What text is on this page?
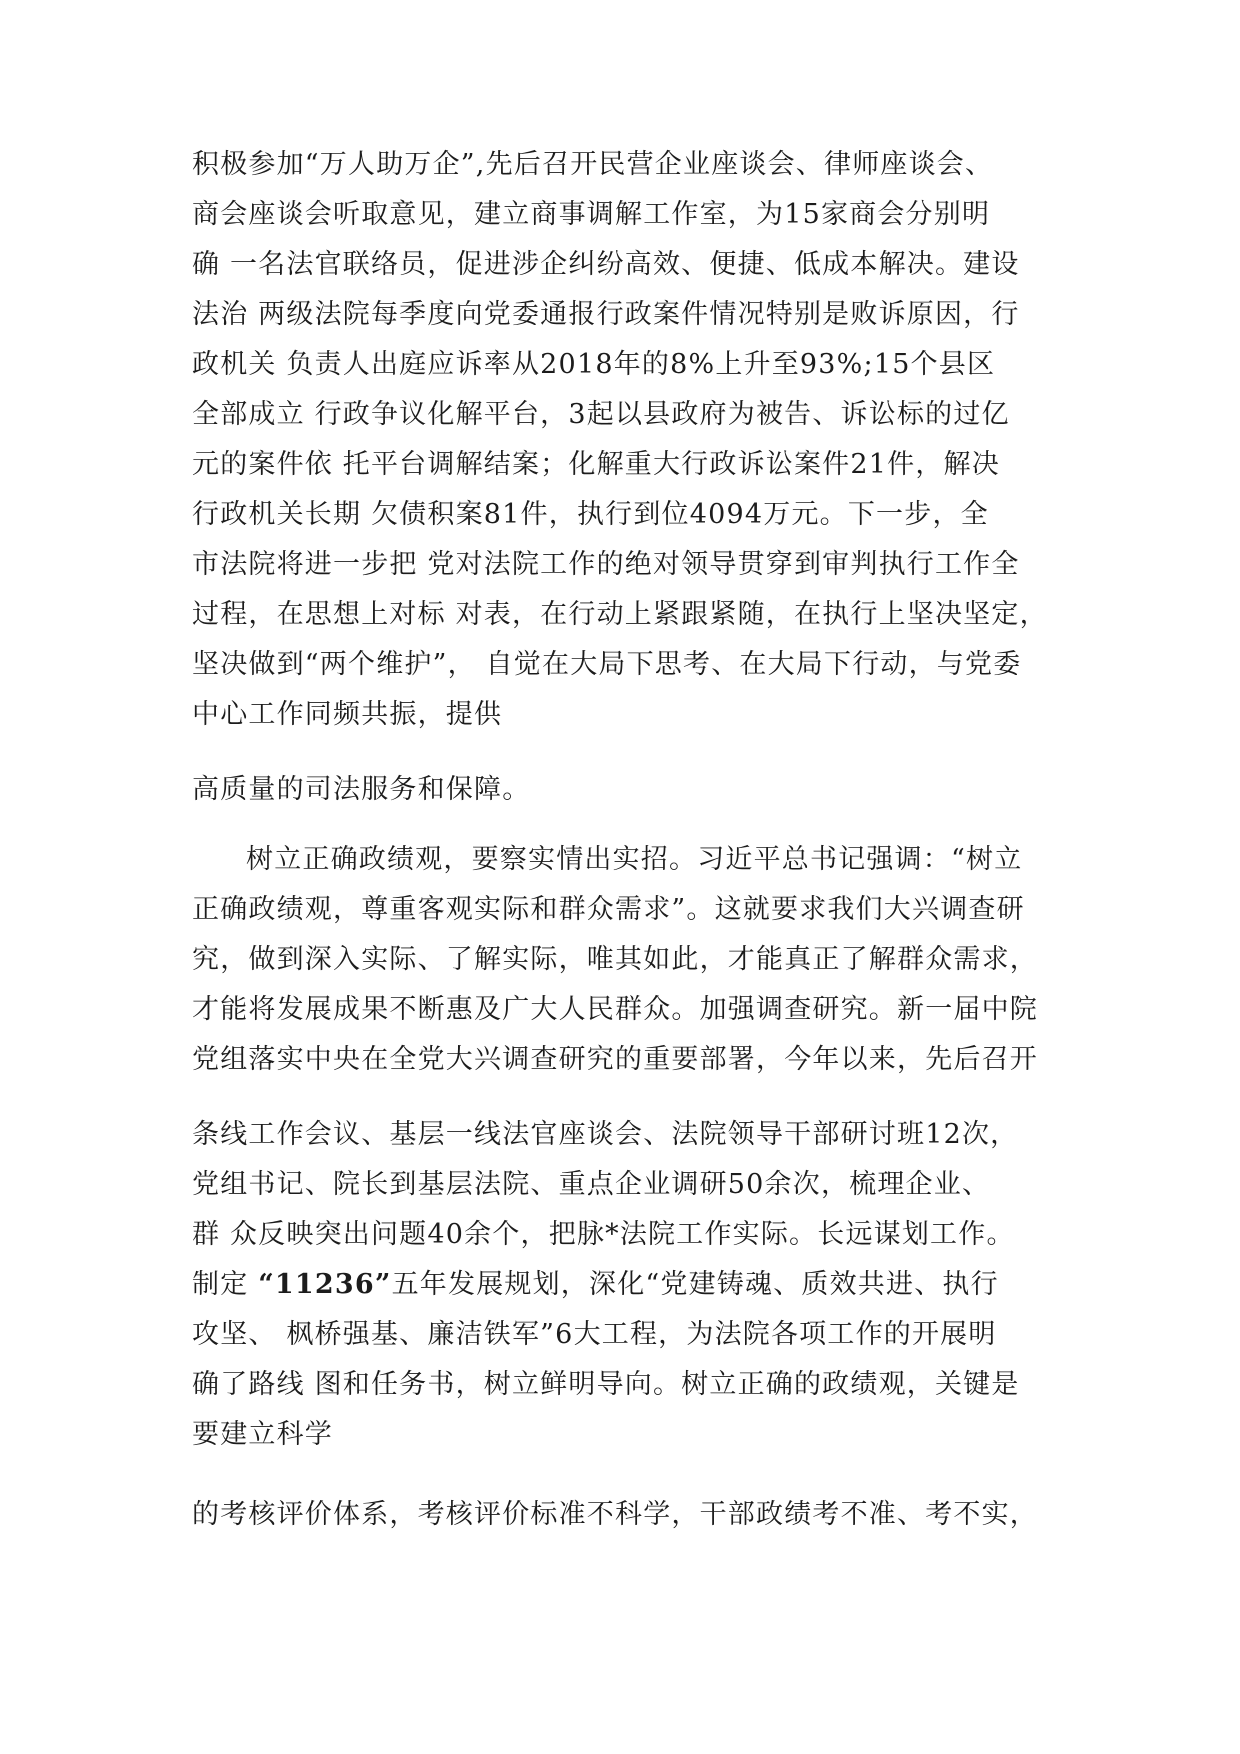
积极参加“万人助万企”,先后召开民营企业座谈会、律师座谈会、
商会座谈会听取意见，建立商事调解工作室，为15家商会分别明
确 一名法官联络员，促进涉企纠纷高效、便捷、低成本解决。建设
法治 两级法院每季度向党委通报行政案件情况特别是败诉原因，行
政机关 负责人出庭应诉率从2018年的8%上升至93%;15个县区
全部成立 行政争议化解平台，3起以县政府为被告、诉讼标的过亿
元的案件依 托平台调解结案；化解重大行政诉讼案件21件，解决
行政机关长期 欠债积案81件，执行到位4094万元。下一步，全
市法院将进一步把 党对法院工作的绝对领导贯穿到审判执行工作全
过程，在思想上对标 对表，在行动上紧跟紧随，在执行上坚决坚定，
坚决做到“两个维护”， 自觉在大局下思考、在大局下行动，与党委
中心工作同频共振，提供
高质量的司法服务和保障。
树立正确政绩观，要察实情出实招。习近平总书记强调：“树立
正确政绩观，尊重客观实际和群众需求”。这就要求我们大兴调查研
究，做到深入实际、了解实际，唯其如此，才能真正了解群众需求，
才能将发展成果不断惠及广大人民群众。加强调查研究。新一届中院
党组落实中央在全党大兴调查研究的重要部署，今年以来，先后召开
条线工作会议、基层一线法官座谈会、法院领导干部研讨班12次，
党组书记、院长到基层法院、重点企业调研50余次，梳理企业、
群 众反映突出问题40余个，把脉*法院工作实际。长远谋划工作。
制定 “11236”五年发展规划，深化“党建铸魂、质效共进、执行
攻坚、 枫桥强基、廉洁铁军”6大工程，为法院各项工作的开展明
确了路线 图和任务书，树立鲜明导向。树立正确的政绩观，关键是
要建立科学
的考核评价体系，考核评价标准不科学，干部政绩考不准、考不实，
